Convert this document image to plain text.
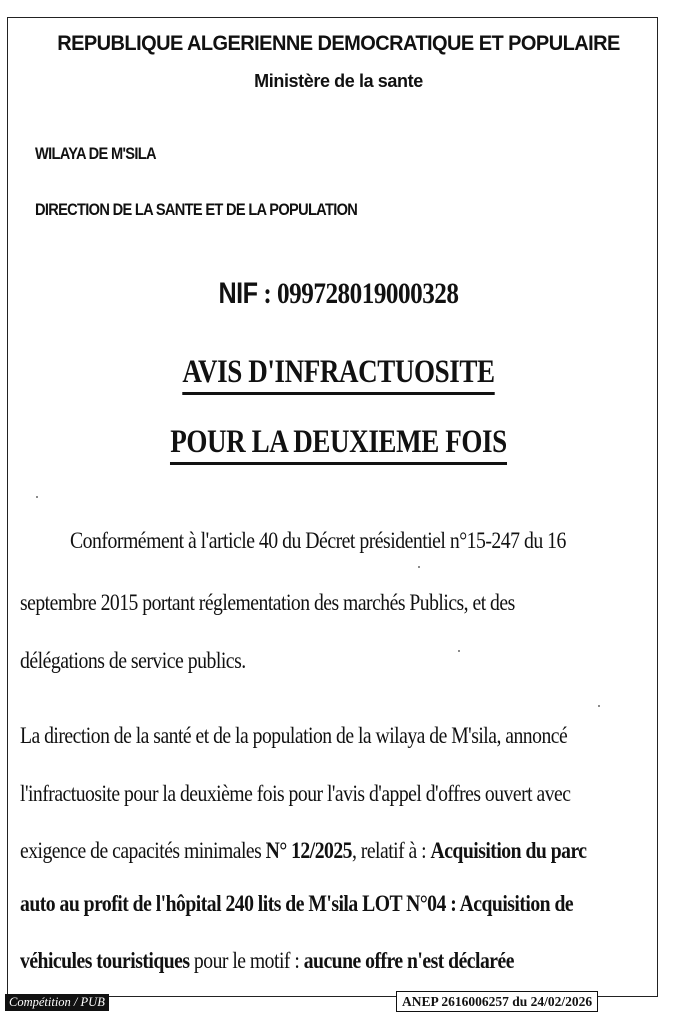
REPUBLIQUE ALGERIENNE DEMOCRATIQUE ET POPULAIRE
Ministère de la sante
WILAYA DE M'SILA
DIRECTION DE LA SANTE ET DE LA POPULATION
NIF : 099728019000328
AVIS D'INFRACTUOSITE
POUR LA DEUXIEME FOIS
Conformément à l'article 40 du Décret présidentiel n°15-247 du 16
septembre 2015 portant réglementation des marchés Publics, et des
délégations de service publics.
La direction de la santé et de la population de la wilaya de M'sila, annoncé
l'infractuosite pour la deuxième fois pour l'avis d'appel d'offres ouvert avec
exigence de capacités minimales N° 12/2025, relatif à : Acquisition du parc
auto au profit de l'hôpital 240 lits de M'sila LOT N°04 : Acquisition de
véhicules touristiques pour le motif : aucune offre n'est déclarée
Compétition / PUB	ANEP 2616006257 du 24/02/2026
